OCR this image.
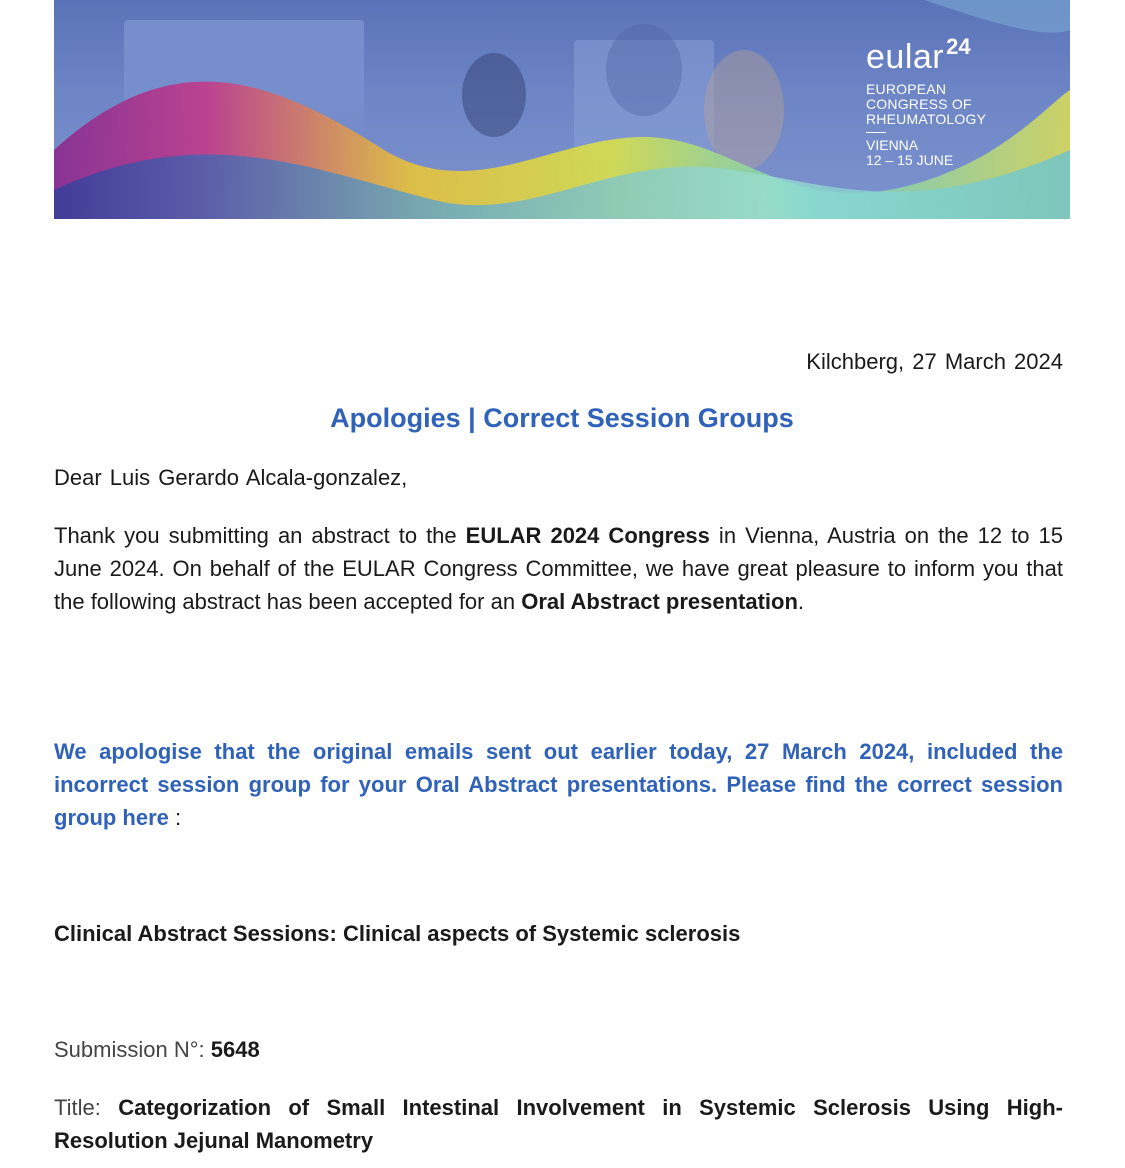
eular24
EUROPEAN
CONGRESS OF
RHEUMATOLOGY
VIENNA
12 – 15 JUNE
Kilchberg, 27 March 2024
Apologies | Correct Session Groups
Dear Luis Gerardo Alcala-gonzalez,
Thank you submitting an abstract to the EULAR 2024 Congress in Vienna, Austria on the 12 to 15 June 2024. On behalf of the EULAR Congress Committee, we have great pleasure to inform you that the following abstract has been accepted for an Oral Abstract presentation.
We apologise that the original emails sent out earlier today, 27 March 2024, included the incorrect session group for your Oral Abstract presentations. Please find the correct session group here :
Clinical Abstract Sessions: Clinical aspects of Systemic sclerosis
Submission N°: 5648
Title: Categorization of Small Intestinal Involvement in Systemic Sclerosis Using High-Resolution Jejunal Manometry
